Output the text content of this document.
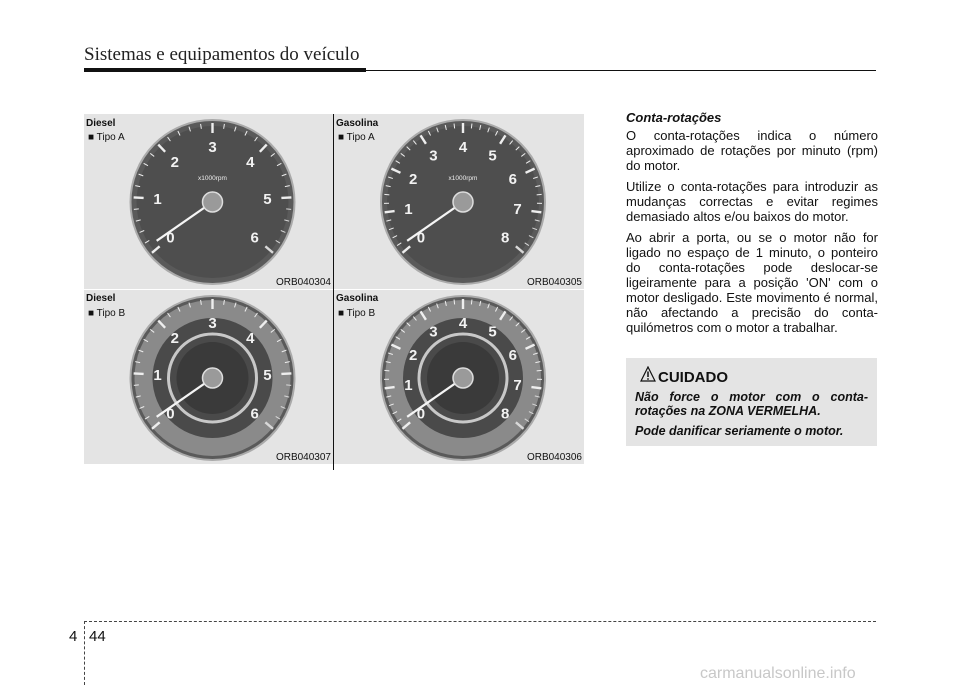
Sistemas e equipamentos do veículo
0
1
2
3
4
5
6
x1000rpm
Diesel
■ Tipo A
ORB040304
0
1
2
3
4
5
6
7
8
x1000rpm
Gasolina
■ Tipo A
ORB040305
0
1
2
3
4
5
6
Diesel
■ Tipo B
ORB040307
0
1
2
3
4
5
6
7
8
Gasolina
■ Tipo B
ORB040306
Conta-rotações

O conta-rotações indica o número aproximado de rotações por minuto (rpm) do motor.

Utilize o conta-rotações para introduzir as mudanças correctas e evitar regimes demasiado altos e/ou baixos do motor.

Ao abrir a porta, ou se o motor não for ligado no espaço de 1 minuto, o ponteiro do conta-rotações pode deslocar-se ligeiramente para a posição 'ON' com o motor desligado. Este movimento é normal, não afectando a precisão do conta-quilómetros com o motor a trabalhar.

CUIDADO

Não force o motor com o conta-rotações na ZONA VERMELHA.

Pode danificar seriamente o motor.

4 44
carmanualsonline.info
